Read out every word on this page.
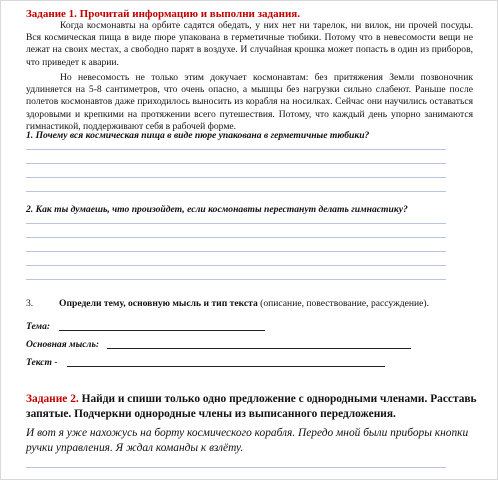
Задание 1. Прочитай информацию и выполни задания.
Когда космонавты на орбите садятся обедать, у них нет ни тарелок, ни вилок, ни прочей посуды. Вся космическая пища в виде пюре упакована в герметичные тюбики. Потому что в невесомости вещи не лежат на своих местах, а свободно парят в воздухе. И случайная крошка может попасть в один из приборов, что приведет к аварии.
Но невесомость не только этим докучает космонавтам: без притяжения Земли позвоночник удлиняется на 5-8 сантиметров, что очень опасно, а мышцы без нагрузки сильно слабеют. Раньше после полетов космонавтов даже приходилось выносить из корабля на носилках. Сейчас они научились оставаться здоровыми и крепкими на протяжении всего путешествия. Потому, что каждый день упорно занимаются гимнастикой, поддерживают себя в рабочей форме.
1. Почему вся космическая пища в виде пюре упакована в герметичные тюбики?
2. Как ты думаешь, что произойдет, если космонавты перестанут делать гимнастику?
3.	Определи тему, основную мысль и тип текста (описание, повествование, рассуждение).
Тема:
Основная мысль:
Текст -
Задание 2. Найди и спиши только одно предложение с однородными членами. Расставь запятые. Подчеркни однородные члены из выписанного передложения.
И вот я уже нахожусь на борту космического корабля. Передо мной были приборы кнопки ручки управления. Я ждал команды к взлёту.
